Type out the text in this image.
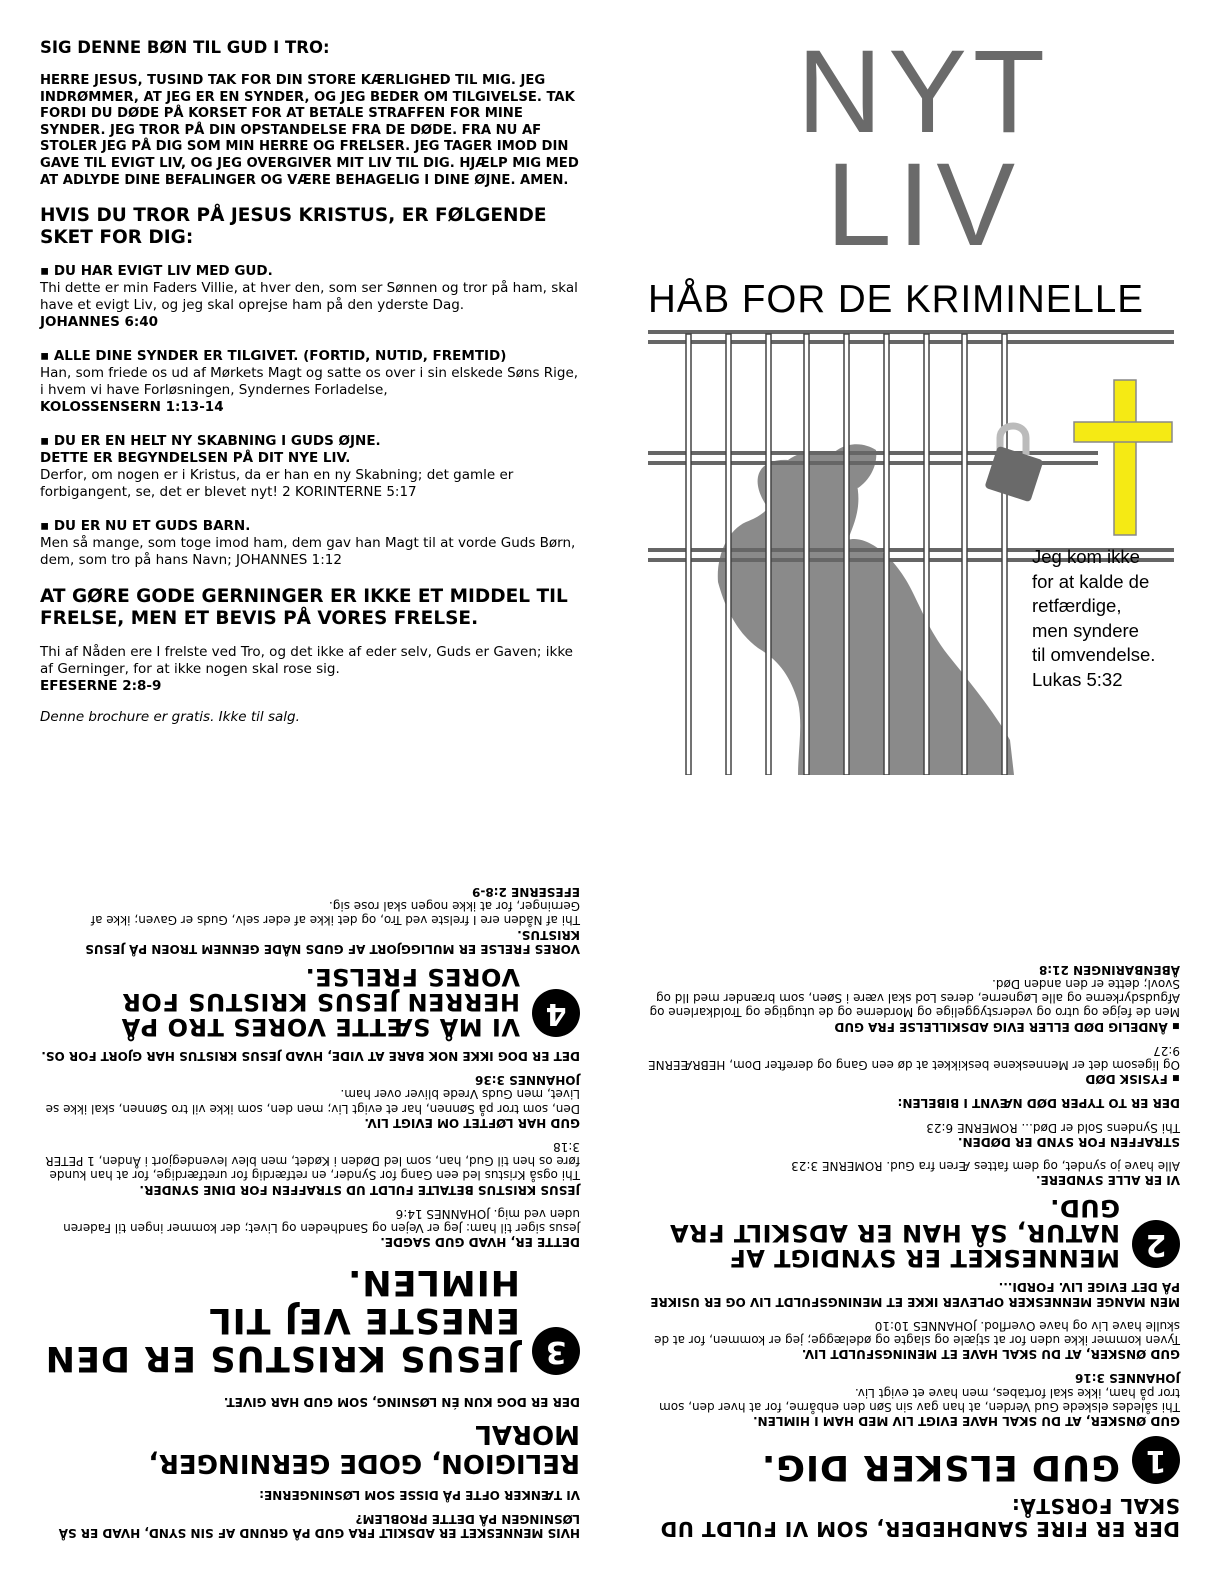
SIG DENNE BØN TIL GUD I TRO:
HERRE JESUS, TUSIND TAK FOR DIN STORE KÆRLIGHED TIL MIG. JEG INDRØMMER, AT JEG ER EN SYNDER, OG JEG BEDER OM TILGIVELSE. TAK FORDI DU DØDE PÅ KORSET FOR AT BETALE STRAFFEN FOR MINE SYNDER. JEG TROR PÅ DIN OPSTANDELSE FRA DE DØDE. FRA NU AF STOLER JEG PÅ DIG SOM MIN HERRE OG FRELSER. JEG TAGER IMOD DIN GAVE TIL EVIGT LIV, OG JEG OVERGIVER MIT LIV TIL DIG. HJÆLP MIG MED AT ADLYDE DINE BEFALINGER OG VÆRE BEHAGELIG I DINE ØJNE. AMEN.
HVIS DU TROR PÅ JESUS KRISTUS, ER FØLGENDE SKET FOR DIG:

▪ DU HAR EVIGT LIV MED GUD.

Thi dette er min Faders Villie, at hver den, som ser Sønnen og tror på ham, skal have et evigt Liv, og jeg skal oprejse ham på den yderste Dag.

JOHANNES 6:40

▪ ALLE DINE SYNDER ER TILGIVET. (FORTID, NUTID, FREMTID)

Han, som friede os ud af Mørkets Magt og satte os over i sin elskede Søns Rige, i hvem vi have Forløsningen, Syndernes Forladelse,

KOLOSSENSERN 1:13-14

▪ DU ER EN HELT NY SKABNING I GUDS ØJNE.

DETTE ER BEGYNDELSEN PÅ DIT NYE LIV.

Derfor, om nogen er i Kristus, da er han en ny Skabning; det gamle er forbigangent, se, det er blevet nyt! 2 KORINTERNE 5:17

▪ DU ER NU ET GUDS BARN.

Men så mange, som toge imod ham, dem gav han Magt til at vorde Guds Børn, dem, som tro på hans Navn; JOHANNES 1:12

AT GØRE GODE GERNINGER ER IKKE ET MIDDEL TIL FRELSE, MEN ET BEVIS PÅ VORES FRELSE.

Thi af Nåden ere I frelste ved Tro, og det ikke af eder selv, Guds er Gaven; ikke af Gerninger, for at ikke nogen skal rose sig.

EFESERNE 2:8-9

Denne brochure er gratis. Ikke til salg.
NYT
LIV
HÅB FOR DE KRIMINELLE
Jeg kom ikke
for at kalde de
retfærdige,
men syndere
til omvendelse.
Lukas 5:32

HVIS MENNESKET ER ADSKILT FRA GUD PÅ GRUND AF SIN SYND, HVAD ER SÅ LØSNINGEN PÅ DETTE PROBLEM?

VI TÆNKER OFTE PÅ DISSE SOM LØSNINGERNE:

RELIGION, GODE GERNINGER, MORAL

DER ER DOG KUN ÉN LØSNING, SOM GUD HAR GIVET.

3
JESUS KRISTUS ER DEN ENESTE VEJ TIL HIMLEN.

DETTE ER, HVAD GUD SAGDE.
Jesus siger til ham: Jeg er Vejen og Sandheden og Livet; der kommer ingen til Faderen uden ved mig. JOHANNES 14:6

JESUS KRISTUS BETALTE FULDT UD STRAFFEN FOR DINE SYNDER.
Thi også Kristus led een Gang for Synder, en retfærdig for uretfærdige, for at han kunde føre os hen til Gud, han, som led Døden i Kødet, men blev levendegjort i Ånden, 1 PETER 3:18

GUD HAR LØFTET OM EVIGT LIV.
Den, som tror på Sønnen, har et evigt Liv; men den, som ikke vil tro Sønnen, skal ikke se Livet, men Guds Vrede bliver over ham.
JOHANNES 3:36

DET ER DOG IKKE NOK BARE AT VIDE, HVAD JESUS KRISTUS HAR GJORT FOR OS.

4
VI MÅ SÆTTE VORES TRO PÅ HERREN JESUS KRISTUS FOR VORES FRELSE.

VORES FRELSE ER MULIGGJORT AF GUDS NÅDE GENNEM TROEN PÅ JESUS KRISTUS.
Thi af Nåden ere I frelste ved Tro, og det ikke af eder selv, Guds er Gaven; ikke af Gerninger, for at ikke nogen skal rose sig.
EFESERNE 2:8-9

DER ER FIRE SANDHEDER, SOM VI FULDT UD SKAL FORSTÅ:
1
GUD ELSKER DIG.

GUD ØNSKER, AT DU SKAL HAVE EVIGT LIV MED HAM I HIMLEN.
Thi således elskede Gud Verden, at han gav sin Søn den enbårne, for at hver den, som tror på ham, ikke skal fortabes, men have et evigt Liv.
JOHANNES 3:16

GUD ØNSKER, AT DU SKAL HAVE ET MENINGSFULDT LIV.
Tyven kommer ikke uden for at stjæle og slagte og ødelægge; jeg er kommen, for at de skulle have Liv og have Overflod. JOHANNES 10:10

MEN MANGE MENNESKER OPLEVER IKKE ET MENINGSFULDT LIV OG ER USIKRE PÅ DET EVIGE LIV. FORDI...

2
MENNESKET ER SYNDIGT AF NATUR, SÅ HAN ER ADSKILT FRA GUD.

VI ER ALLE SYNDERE.
Alle have jo syndet, og dem fattes Æren fra Gud. ROMERNE 3:23

STRAFFEN FOR SYND ER DØDEN.
Thi Syndens Sold er Død... ROMERNE 6:23

DER ER TO TYPER DØD NÆVNT I BIBELEN:

▪ FYSISK DØD
Og ligesom det er Menneskene beskikket at dø een Gang og derefter Dom, HEBRÆERNE 9:27

▪ ÅNDELIG DØD ELLER EVIG ADSKILLELSE FRA GUD
Men de fejge og utro og vederstyggelige og Morderne og de utugtige og Troldkarlene og Afgudsdyrkerne og alle Løgnerne, deres Lod skal være i Søen, som brænder med Ild og Svovl; dette er den anden Død.
ÅBENBARINGEN 21:8
